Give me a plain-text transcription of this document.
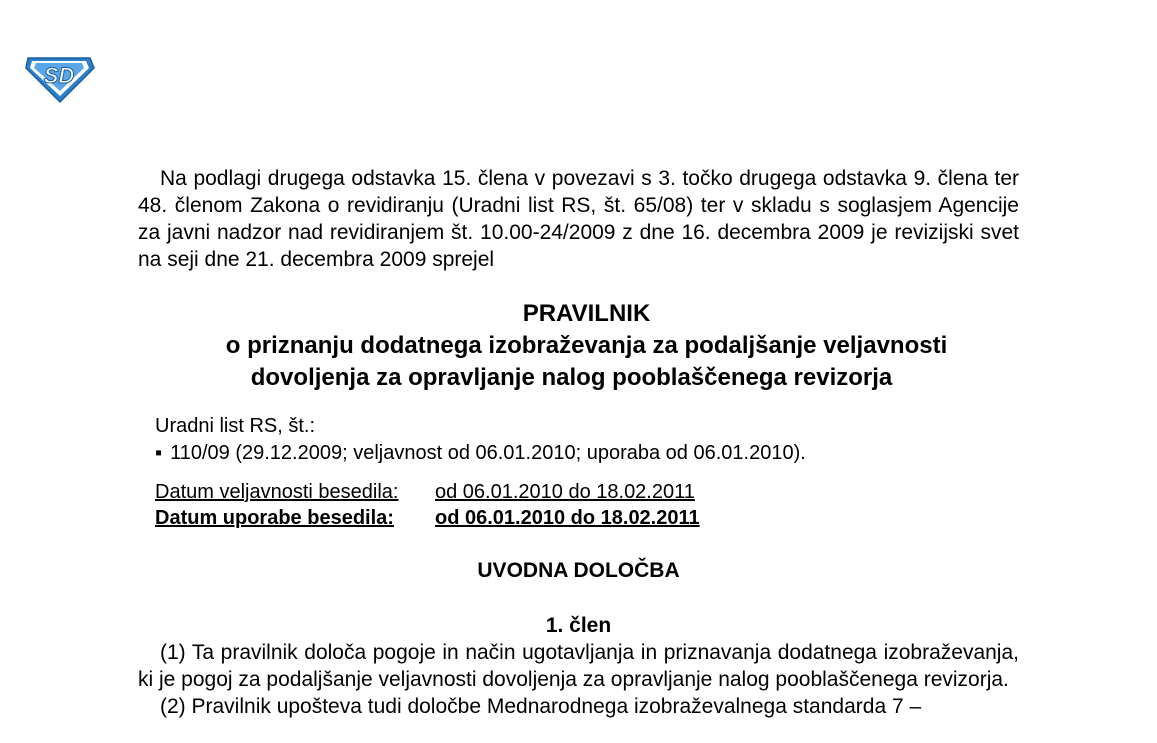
SD

Na podlagi drugega odstavka 15. člena v povezavi s 3. točko drugega odstavka 9. člena ter 48. členom Zakona o revidiranju (Uradni list RS, št. 65/08) ter v skladu s soglasjem Agencije za javni nadzor nad revidiranjem št. 10.00-24/2009 z dne 16. decembra 2009 je revizijski svet na seji dne 21. decembra 2009 sprejel

PRAVILNIK
o priznanju dodatnega izobraževanja za podaljšanje veljavnosti
dovoljenja za opravljanje nalog pooblaščenega revizorja
Uradni list RS, št.:
▪ 110/09 (29.12.2009; veljavnost od 06.01.2010; uporaba od 06.01.2010).
Datum veljavnosti besedila:	od 06.01.2010 do 18.02.2011
Datum uporabe besedila:	od 06.01.2010 do 18.02.2011
UVODNA DOLOČBA
1. člen

(1) Ta pravilnik določa pogoje in način ugotavljanja in priznavanja dodatnega izobraževanja, ki je pogoj za podaljšanje veljavnosti dovoljenja za opravljanje nalog pooblaščenega revizorja.

(2) Pravilnik upošteva tudi določbe Mednarodnega izobraževalnega standarda 7 –
